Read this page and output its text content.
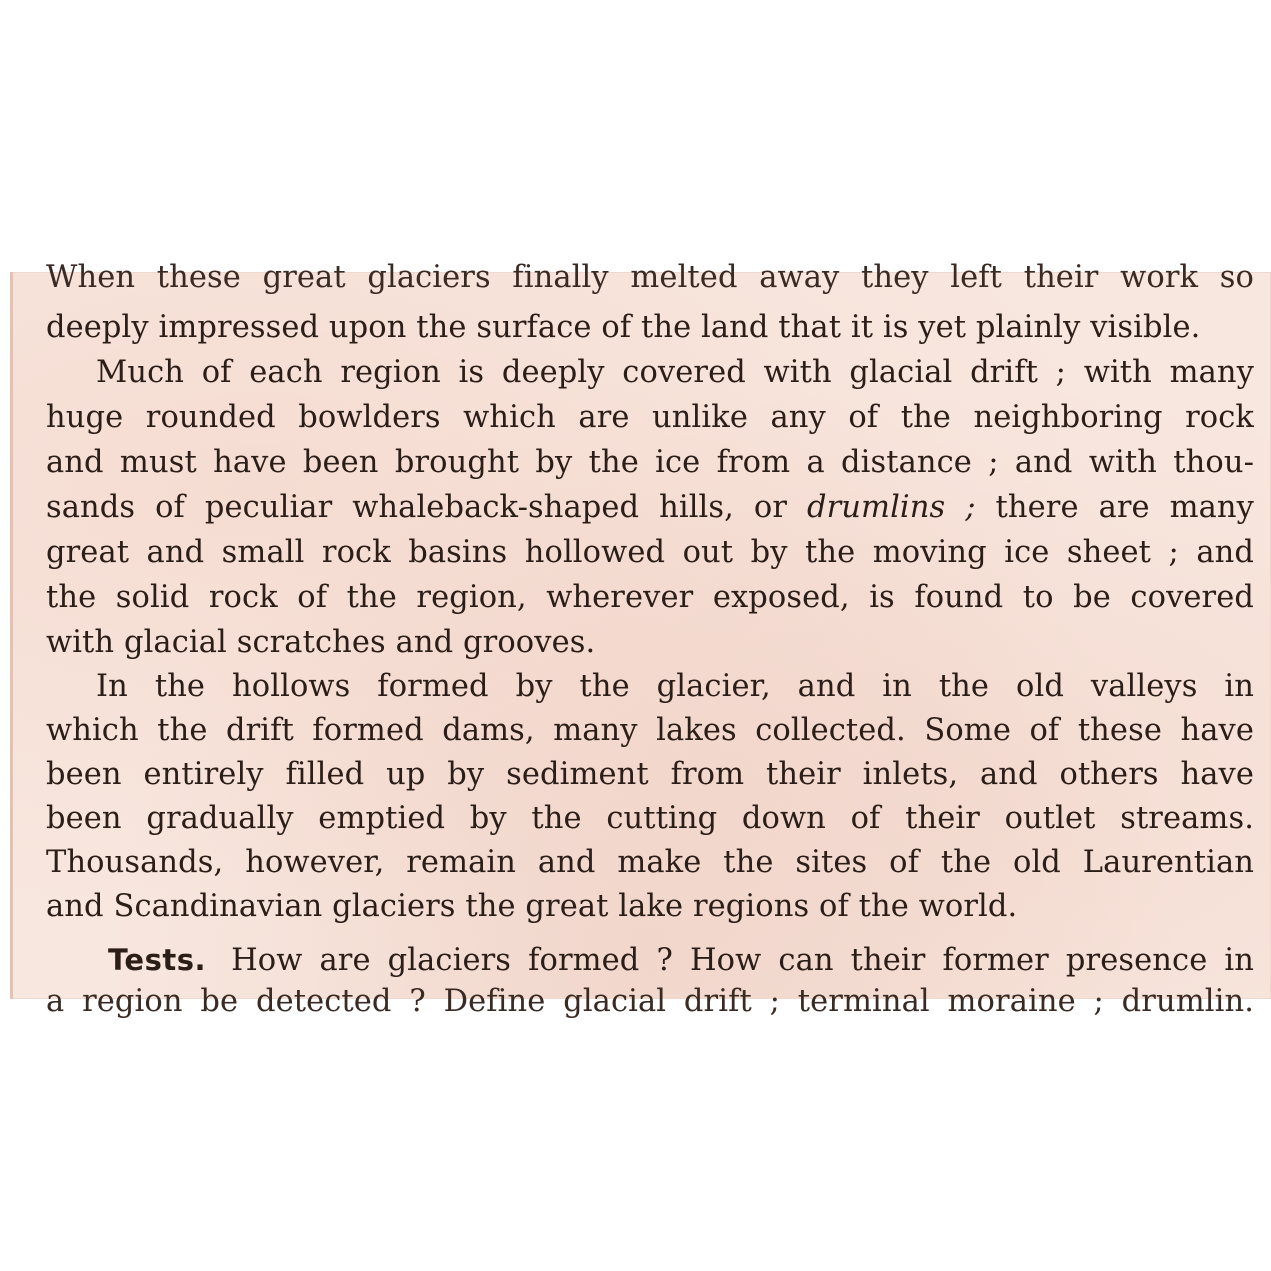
When these great glaciers finally melted away they left their work so
deeply impressed upon the surface of the land that it is yet plainly visible.
Much of each region is deeply covered with glacial drift ; with many
huge rounded bowlders which are unlike any of the neighboring rock
and must have been brought by the ice from a distance ; and with thou-
sands of peculiar whaleback-shaped hills, or drumlins ; there are many
great and small rock basins hollowed out by the moving ice sheet ; and
the solid rock of the region, wherever exposed, is found to be covered
with glacial scratches and grooves.
In the hollows formed by the glacier, and in the old valleys in
which the drift formed dams, many lakes collected. Some of these have
been entirely filled up by sediment from their inlets, and others have
been gradually emptied by the cutting down of their outlet streams.
Thousands, however, remain and make the sites of the old Laurentian
and Scandinavian glaciers the great lake regions of the world.
Tests. How are glaciers formed ? How can their former presence in
a region be detected ? Define glacial drift ; terminal moraine ; drumlin.
